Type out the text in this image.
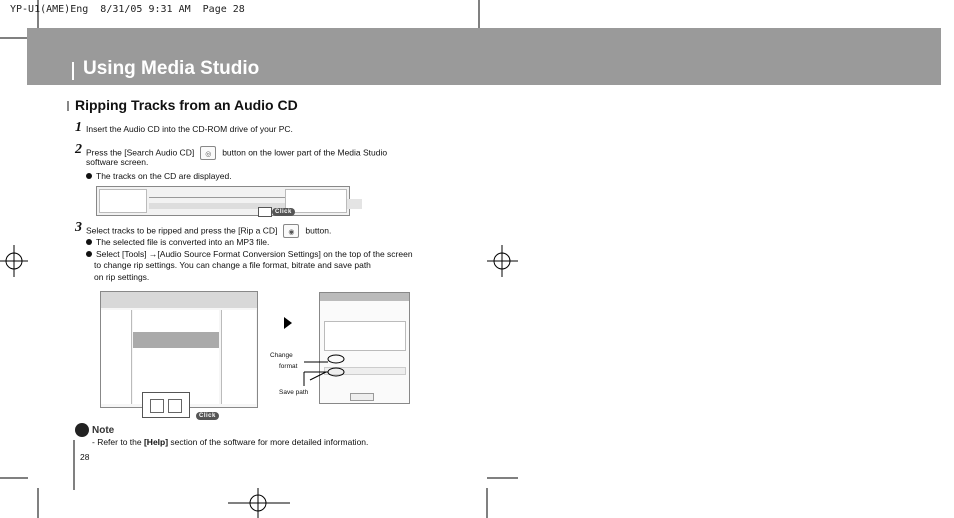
YP-U1(AME)Eng  8/31/05 9:31 AM  Page 28
Using Media Studio
Ripping Tracks from an Audio CD
1 Insert the Audio CD into the CD-ROM drive of your PC.
2 Press the [Search Audio CD] ◎ button on the lower part of the Media Studio
software screen.
The tracks on the CD are displayed.
Click
3 Select tracks to be ripped and press the [Rip a CD] ◉ button.
The selected file is converted into an MP3 file.
Select [Tools] →[Audio Source Format Conversion Settings] on the top of the screen
to change rip settings. You can change a file format, bitrate and save path
on rip settings.
Click
Change
format
Save path
Note
- Refer to the [Help] section of the software for more detailed information.
28
